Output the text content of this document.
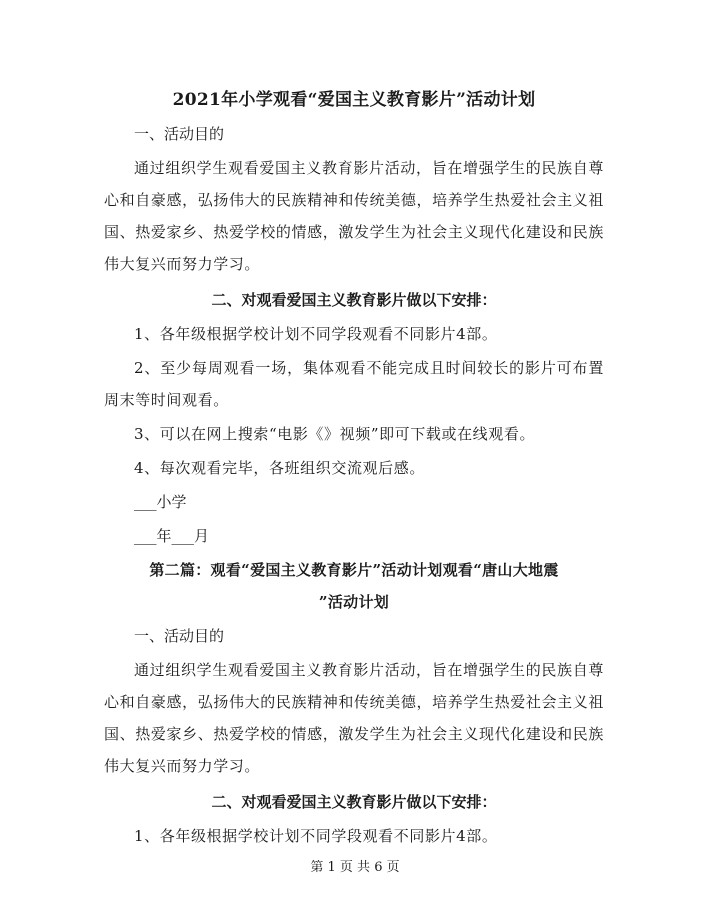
2021年小学观看“爱国主义教育影片”活动计划

一、活动目的

通过组织学生观看爱国主义教育影片活动，旨在增强学生的民族自尊心和自豪感，弘扬伟大的民族精神和传统美德，培养学生热爱社会主义祖国、热爱家乡、热爱学校的情感，激发学生为社会主义现代化建设和民族伟大复兴而努力学习。

二、对观看爱国主义教育影片做以下安排：

1、各年级根据学校计划不同学段观看不同影片4部。

2、至少每周观看一场，集体观看不能完成且时间较长的影片可布置周末等时间观看。

3、可以在网上搜索“电影《》视频”即可下载或在线观看。

4、每次观看完毕，各班组织交流观后感。

___小学

___年___月

第二篇：观看“爱国主义教育影片”活动计划观看“唐山大地震

”活动计划

一、活动目的

通过组织学生观看爱国主义教育影片活动，旨在增强学生的民族自尊心和自豪感，弘扬伟大的民族精神和传统美德，培养学生热爱社会主义祖国、热爱家乡、热爱学校的情感，激发学生为社会主义现代化建设和民族伟大复兴而努力学习。

二、对观看爱国主义教育影片做以下安排：

1、各年级根据学校计划不同学段观看不同影片4部。

第 1 页 共 6 页
